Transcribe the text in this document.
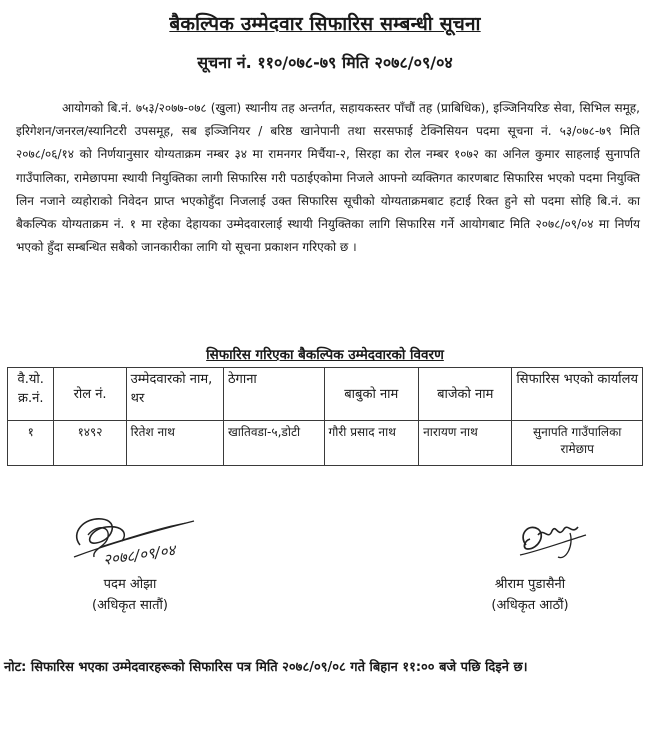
बैकल्पिक उम्मेदवार सिफारिस सम्बन्धी सूचना
सूचना नं. ११०/०७८-७९ मिति २०७८/०९/०४
आयोगको बि.नं. ७५३/२०७७-०७८ (खुला) स्थानीय तह अन्तर्गत, सहायकस्तर पाँचौं तह (प्राबिधिक), इञ्जिनियरिङ सेवा, सिभिल समूह, इरिगेशन/जनरल/स्यानिटरी उपसमूह, सब इञ्जिनियर / बरिष्ठ खानेपानी तथा सरसफाई टेक्निसियन पदमा सूचना नं. ५३/०७८-७९ मिति २०७८/०६/१४ को निर्णयानुसार योग्यताक्रम नम्बर ३४ मा रामनगर मिर्चैया-२, सिरहा का रोल नम्बर १०७२ का अनिल कुमार साहलाई सुनापति गाउँपालिका, रामेछापमा स्थायी नियुक्तिका लागी सिफारिस गरी पठाईएकोमा निजले आफ्नो व्यक्तिगत कारणबाट सिफारिस भएको पदमा नियुक्ति लिन नजाने व्यहोराको निवेदन प्राप्त भएकोहुँदा निजलाई उक्त सिफारिस सूचीको योग्यताक्रमबाट हटाई रिक्त हुने सो पदमा सोहि बि.नं. का बैकल्पिक योग्यताक्रम नं. १ मा रहेका देहायका उम्मेदवारलाई स्थायी नियुक्तिका लागि सिफारिस गर्ने आयोगबाट मिति २०७८/०९/०४ मा निर्णय भएको हुँदा सम्बन्धित सबैको जानकारीका लागि यो सूचना प्रकाशन गरिएको छ ।
सिफारिस गरिएका बैकल्पिक उम्मेदवारको विवरण
वै.यो. क्र.नं.	रोल नं.	उम्मेदवारको नाम, थर	ठेगाना	बाबुको नाम	बाजेको नाम	सिफारिस भएको कार्यालय
१	१४९२	रितेश नाथ	खातिवडा-५,डोटी	गौरी प्रसाद नाथ	नारायण नाथ	सुनापति गाउँपालिका रामेछाप
२०७८/०९/०४
पदम ओझा
(अधिकृत सातौं)
श्रीराम पुडासैनी
(अधिकृत आठौं)
नोट: सिफारिस भएका उम्मेदवारहरूको सिफारिस पत्र मिति २०७८/०९/०८ गते बिहान ११:०० बजे पछि दिइने छ।
